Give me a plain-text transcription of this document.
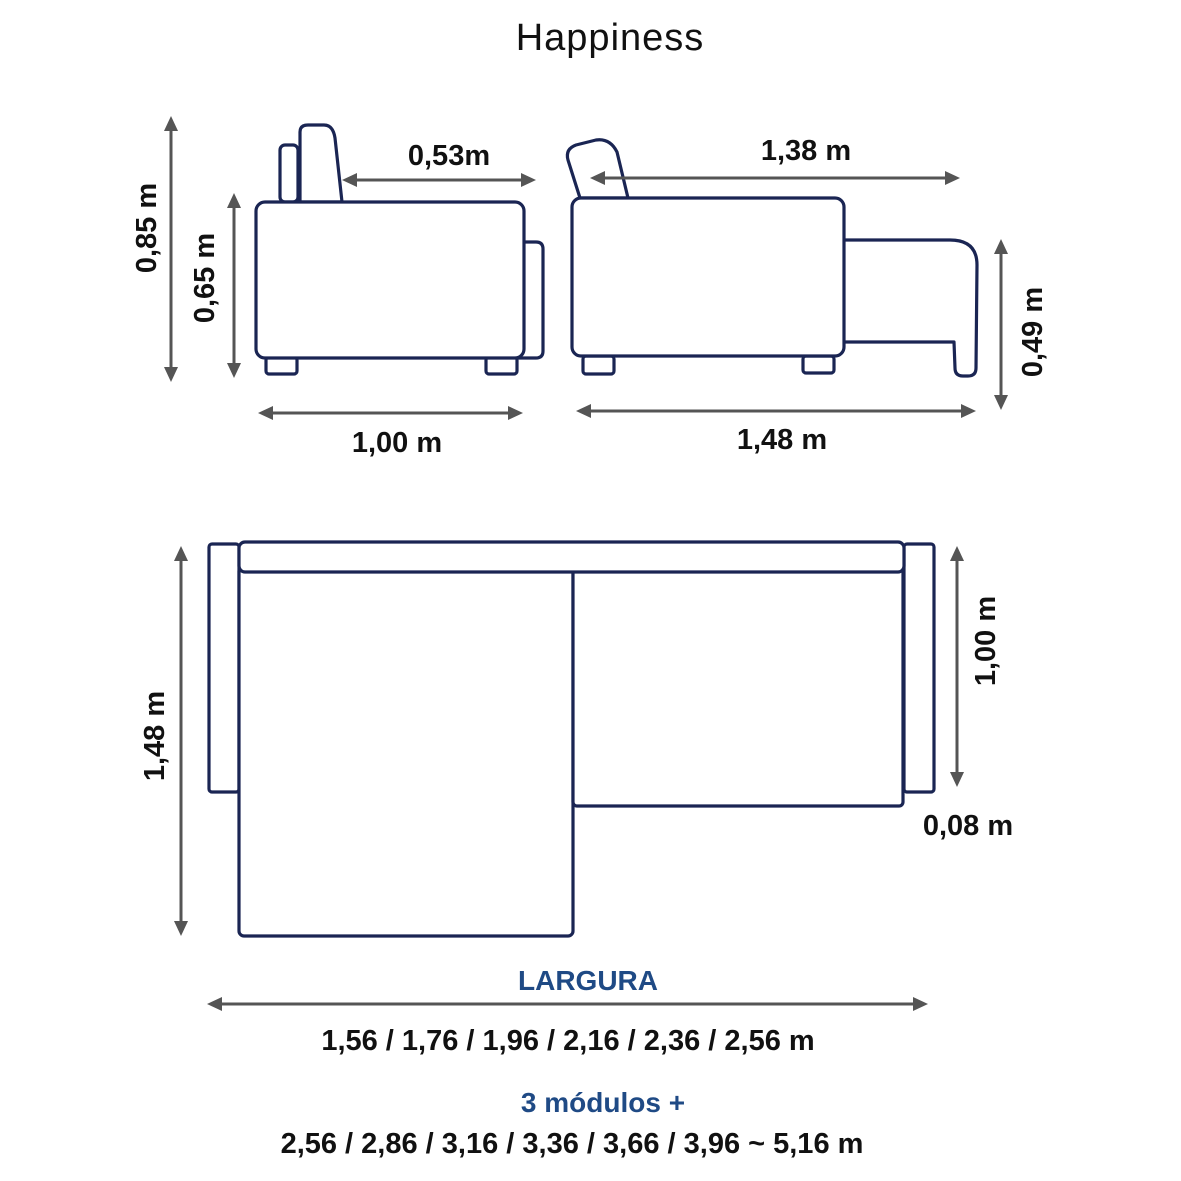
Happiness
0,85 m
0,65 m
0,53m
1,00 m
1,38 m
0,49 m
1,48 m
1,48 m
1,00 m
0,08 m
LARGURA
1,56 / 1,76 / 1,96 / 2,16 / 2,36 / 2,56 m
3 módulos +
2,56 / 2,86 / 3,16 / 3,36 / 3,66 / 3,96 ~ 5,16 m
